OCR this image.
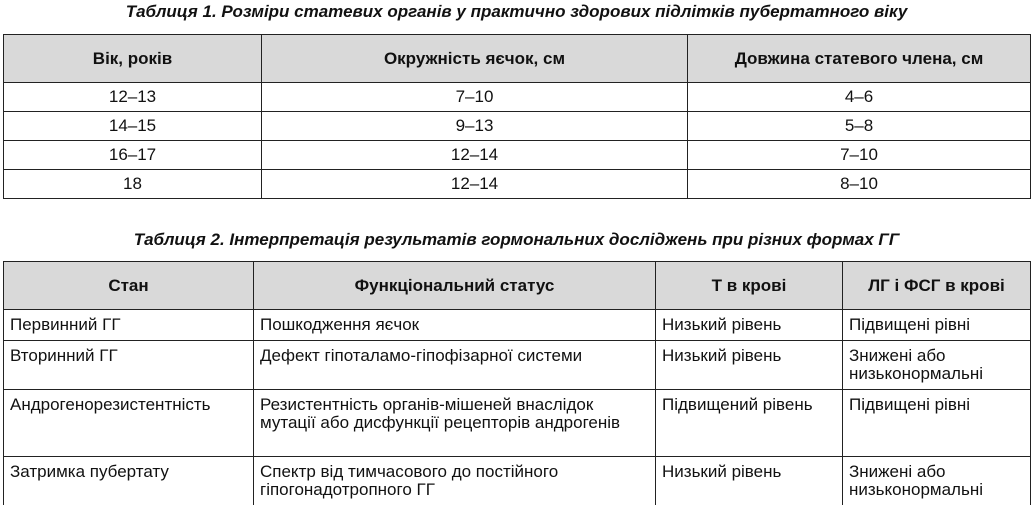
Таблиця 1. Розміри статевих органів у практично здорових підлітків пубертатного віку
Вік, років	Окружність яєчок, см	Довжина статевого члена, см
12–13	7–10	4–6
14–15	9–13	5–8
16–17	12–14	7–10
18	12–14	8–10
Таблиця 2. Інтерпретація результатів гормональних досліджень при різних формах ГГ
Стан	Функціональний статус	Т в крові	ЛГ і ФСГ в крові
Первинний ГГ	Пошкодження яєчок	Низький рівень	Підвищені рівні
Вторинний ГГ	Дефект гіпоталамо-гіпофізарної системи	Низький рівень	Знижені або низьконормальні
Андрогенорезистентність	Резистентність органів-мішеней внаслідок мутації або дисфункції рецепторів андрогенів	Підвищений рівень	Підвищені рівні
Затримка пубертату	Спектр від тимчасового до постійного гіпогонадотропного ГГ	Низький рівень	Знижені або низьконормальні
